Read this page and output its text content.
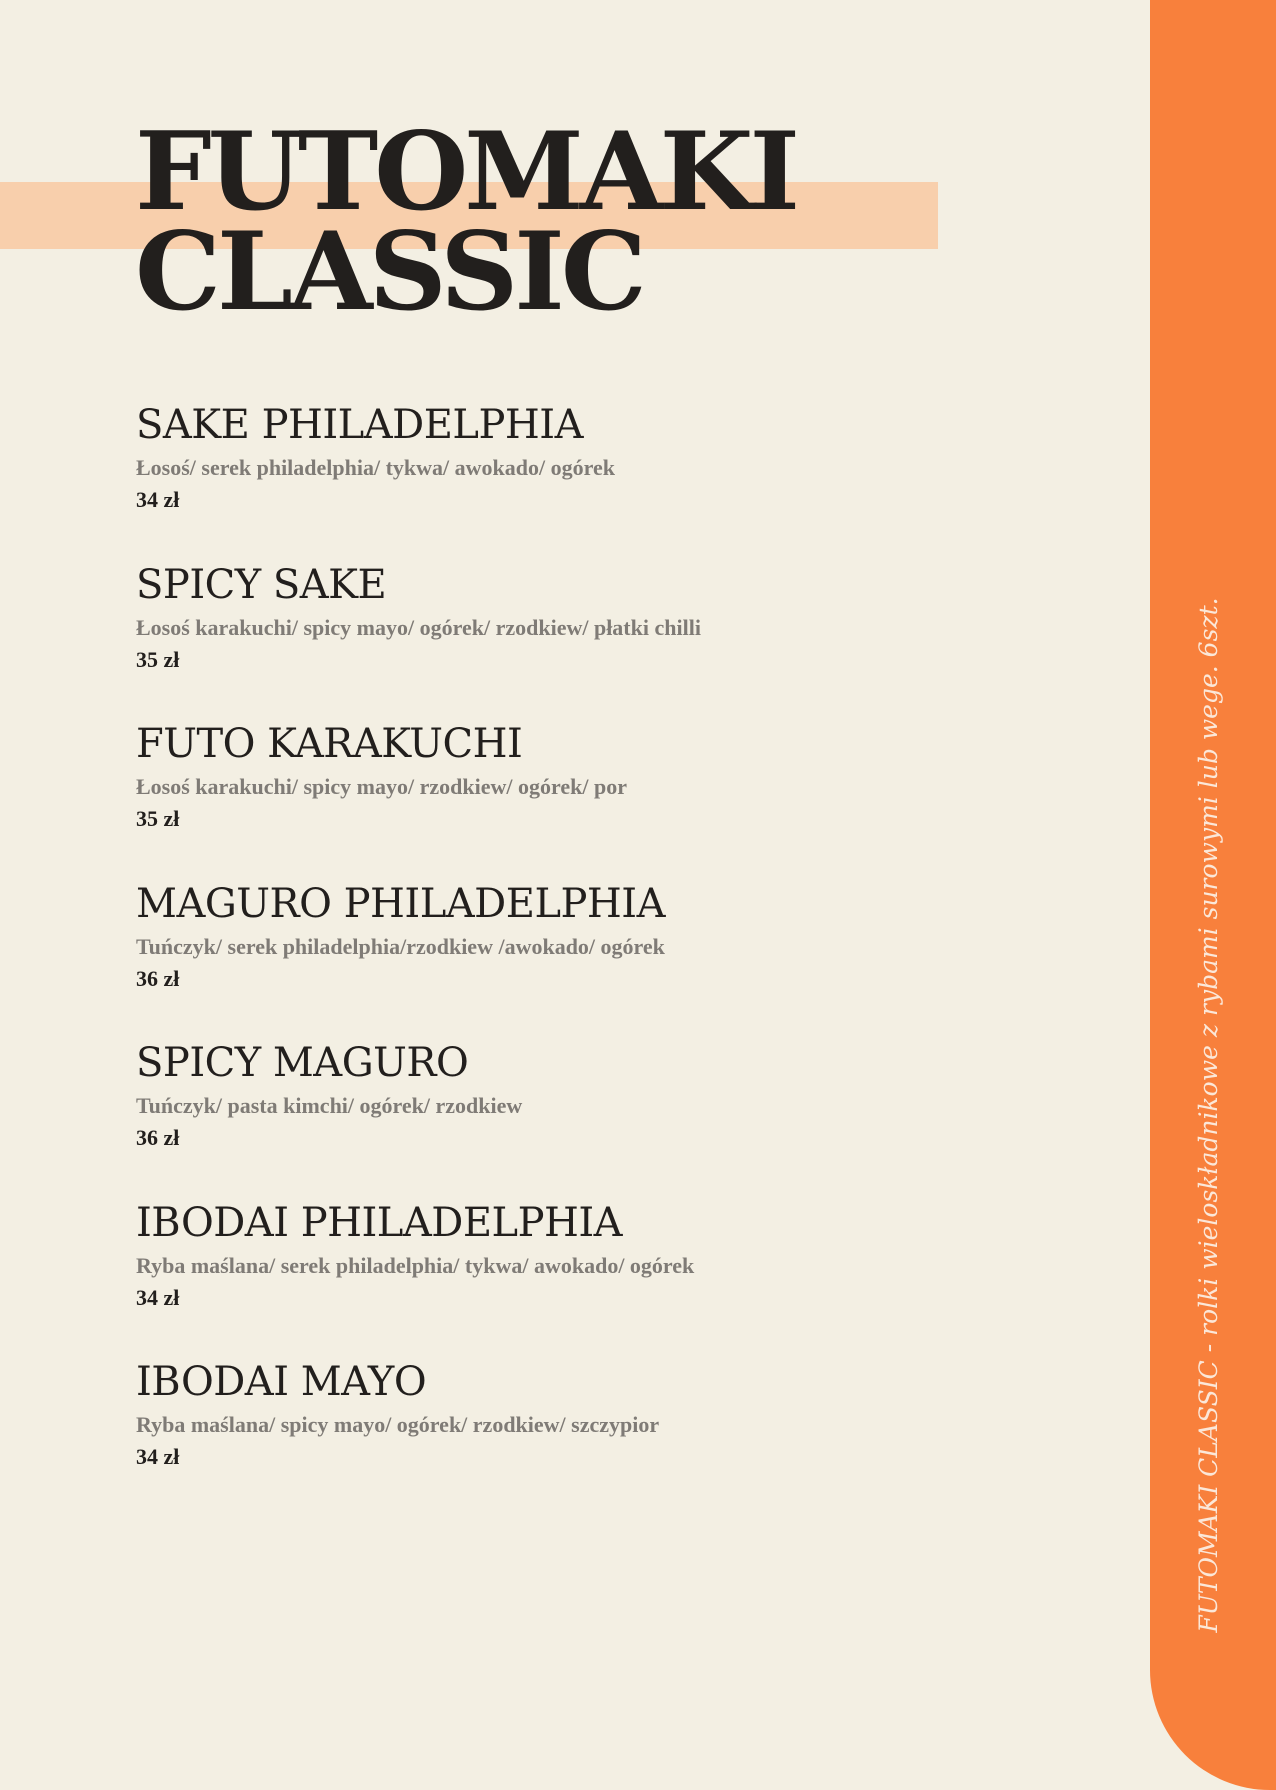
FUTOMAKI
CLASSIC
SAKE PHILADELPHIA

Łosoś/ serek philadelphia/ tykwa/ awokado/ ogórek

34 zł

SPICY SAKE

Łosoś karakuchi/ spicy mayo/ ogórek/ rzodkiew/ płatki chilli

35 zł

FUTO KARAKUCHI

Łosoś karakuchi/ spicy mayo/ rzodkiew/ ogórek/ por

35 zł

MAGURO PHILADELPHIA

Tuńczyk/ serek philadelphia/rzodkiew /awokado/ ogórek

36 zł

SPICY MAGURO

Tuńczyk/ pasta kimchi/ ogórek/ rzodkiew

36 zł

IBODAI PHILADELPHIA

Ryba maślana/ serek philadelphia/ tykwa/ awokado/ ogórek

34 zł

IBODAI MAYO

Ryba maślana/ spicy mayo/ ogórek/ rzodkiew/ szczypior

34 zł	FUTOMAKI CLASSIC - rolki wieloskładnikowe z rybami surowymi lub wege. 6szt.
